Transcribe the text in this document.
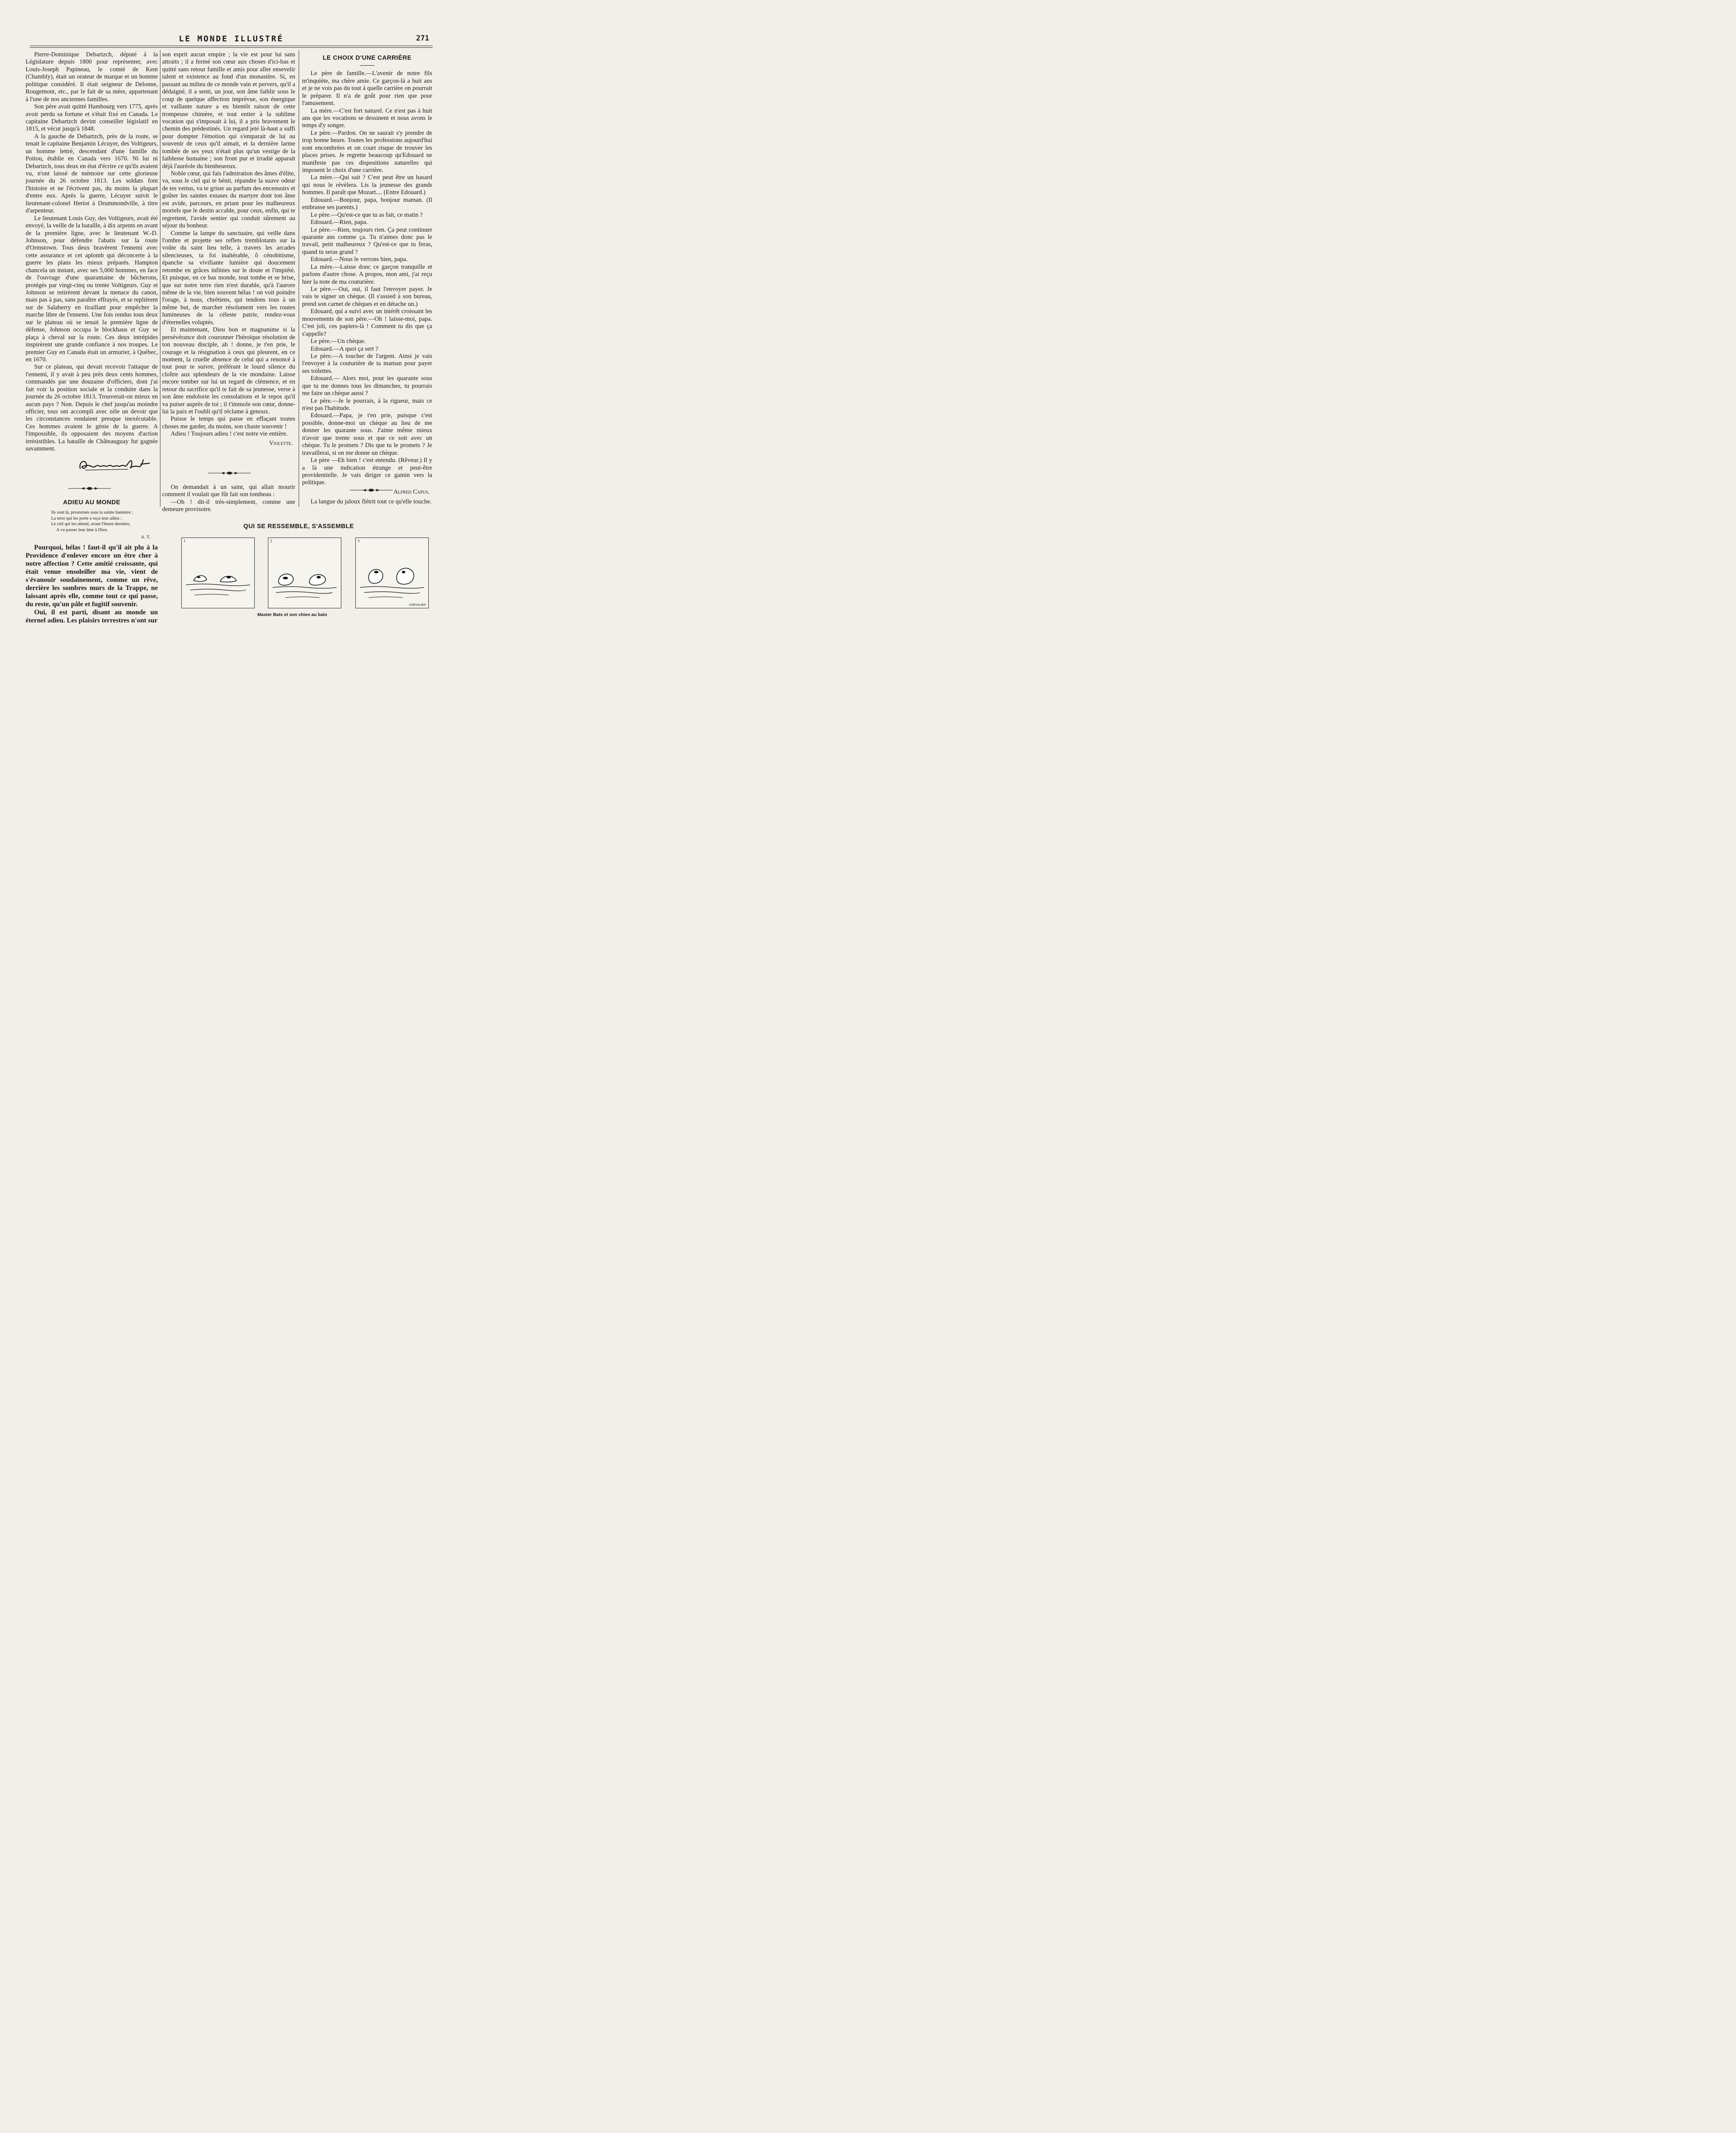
LE MONDE ILLUSTRÉ	271

Pierre-Dominique Debartzch, député à la Législature depuis 1800 pour représenter, avec Louis-Joseph Papineau, le comté de Kent (Chambly), était un orateur de marque et un homme politique considéré. Il était seigneur de Delonne, Rougemont, etc., par le fait de sa mère, appartenant à l'une de nos anciennes familles.

Son père avait quitté Hambourg vers 1775, après avoir perdu sa fortune et s'était fixé en Canada. Le capitaine Debartzch devint conseiller législatif en 1815, et vécut jusqu'à 1848.

A la gauche de Debartzch, près de la route, se tenait le capitaine Benjamin Lécuyer, des Voltigeurs, un homme lettré, descendant d'une famille du Poitou, établie en Canada vers 1670. Ni lui ni Debartzch, tous deux en état d'écrire ce qu'ils avaient vu, n'ont laissé de mémoire sur cette glorieuse journée du 26 octobre 1813. Les soldats font l'histoire et ne l'écrivent pas, du moins la plupart d'entre eux. Après la guerre, Lécuyer suivit le lieutenant-colonel Heriot à Drummondville, à titre d'arpenteur.

Le lieutenant Louis Guy, des Voltigeurs, avait été envoyé, la veille de la bataille, à dix arpents en avant de la première ligne, avec le lieutenant W.-D. Johnson, pour défendre l'abatis sur la route d'Ormstown. Tous deux bravèrent l'ennemi avec cette assurance et cet aplomb qui déconcerte à la guerre les plans les mieux préparés. Hampton chancela un instant, avec ses 5,000 hommes, en face de l'ouvrage d'une quarantaine de bûcherons, protégés par vingt-cinq ou trente Voltigeurs. Guy et Johnson se retirèrent devant la menace du canon, mais pas à pas, sans paraître effrayés, et se replièrent sur de Salaberry en tiraillant pour empêcher la marche libre de l'ennemi. Une fois rendus tous deux sur le plateau où se tenait la première ligne de défense, Johnson occupa le blockhaus et Guy se plaça à cheval sur la route. Ces deux intrépides inspirèrent une grande confiance à nos troupes. Le premier Guy en Canada était un armurier, à Québec, en 1670.

Sur ce plateau, qui devait recevoir l'attaque de l'ennemi, il y avait à peu près deux cents hommes, commandés par une douzaine d'officiers, dont j'ai fait voir la position sociale et la conduite dans la journée du 26 octobre 1813. Trouverait-on mieux en aucun pays ? Non. Depuis le chef jusqu'au moindre officier, tous ont accompli avec zèle un devoir que les circonstances rendaient presque inexécutable. Ces hommes avaient le génie de la guerre. A l'impossible, ils opposaient des moyens d'action irrésistibles. La bataille de Châteauguay fut gagnée savamment.

ADIEU AU MONDE
Ils sont là, prosternés sous la sainte bannière ;
La terre qui les porte a reçu leur adieu ;
Le ciel qui les attend, avant l'heure dernière,
A vu passer leur âme à Dieu.
A. T.

Pourquoi, hélas ! faut-il qu'il ait plu à la Providence d'enlever encore un être cher à notre affection ? Cette amitié croissante, qui était venue ensoleiller ma vie, vient de s'évanouir soudainement, comme un rêve, derrière les sombres murs de la Trappe, ne laissant après elle, comme tout ce qui passe, du reste, qu'un pâle et fugitif souvenir.

Oui, il est parti, disant au monde un éternel adieu. Les plaisirs terrestres n'ont sur

son esprit aucun empire ; la vie est pour lui sans attraits ; il a fermé son cœur aux choses d'ici-bas et quitté sans retour famille et amis pour aller ensevelir talent et existence au fond d'un monastère. Si, en passant au milieu de ce monde vain et pervers, qu'il a dédaigné, il a senti, un jour, son âme faiblir sous le coup de quelque affection imprévue, son énergique et vaillante nature a eu bientôt raison de cette trompeuse chimère, et tout entier à la sublime vocation qui s'imposait à lui, il a pris bravement le chemin des prédestinés. Un regard jeté là-haut a suffi pour dompter l'émotion qui s'emparait de lui au souvenir de ceux qu'il aimait, et la dernière larme tombée de ses yeux n'était plus qu'un vestige de la faiblesse humaine ; son front pur et irradié apparait déjà l'auréole du bienheureux.

Noble cœur, qui fais l'admiration des âmes d'élite, va, sous le ciel qui te bénit, répandre la suave odeur de tes vertus, va te griser au parfum des encensoirs et goûter les saintes extases du martyre dont ton âme est avide, parcours, en priant pour les malheureux mortels que le destin accable, pour ceux, enfin, qui te regrettent, l'avide sentier qui conduit sûrement au séjour du bonheur.

Comme la lampe du sanctuaire, qui veille dans l'ombre et projette ses reflets tremblotants sur la voûte du saint lieu telle, à travers les arcades silencieuses, ta foi inaltérable, ô cénobitisme, épanche sa vivifiante lumière qui doucement retombe en grâces infinies sur le doute et l'impiété. Et puisque, en ce bas monde, tout tombe et se brise, que sur notre terre rien n'est durable, qu'à l'aurore même de la vie, bien souvent hélas ! on voit poindre l'orage, à nous, chrétiens, qui tendons tous à un même but, de marcher résolument vers les routes lumineuses de la céleste patrie, rendez-vous d'éternelles voluptés.

Et maintenant, Dieu bon et magnanime si la persévérance doit couronner l'héroïque résolution de ton nouveau disciple, ah ! donne, je t'en prie, le courage et la résignation à ceux qui pleurent, en ce moment, la cruelle absence de celui qui a renoncé à tout pour te suivre, préférant le lourd silence du cloître aux splendeurs de la vie mondaine. Laisse encore tomber sur lui un regard de clémence, et en retour du sacrifice qu'il te fait de sa jeunesse, verse à son âme endolorie les consolations et le repos qu'il va puiser auprès de toi ; il t'immole son cœur, donne-lui la paix et l'oubli qu'il réclame à genoux.

Puisse le temps qui passe en effaçant toutes choses me garder, du moins, son chaste souvenir !

Adieu ! Toujours adieu ! c'est notre vie entière.

Violette.

On demandait à un saint, qui allait mourir comment il voulait que fût fait son tombeau :

—Oh ! dit-il très-simplement, comme une demeure provisoire.

LE CHOIX D'UNE CARRIÈRE

Le père de famille.—L'avenir de notre fils m'inquiète, ma chère amie. Ce garçon-là a huit ans et je ne vois pas du tout à quelle carrière on pourrait le préparer. Il n'a de goût pour rien que pour l'amusement.

La mère.—C'est fort naturel. Ce n'est pas à huit ans que les vocations se dessinent et nous avons le temps d'y songer.

Le père.—Pardon. On ne saurait s'y prendre de trop bonne heure. Toutes les professions aujourd'hui sont encombrées et on court risque de trouver les places prises. Je regrette beaucoup qu'Edouard ne manifeste pas ces dispositions naturelles qui imposent le choix d'une carrière.

La mère.—Qui sait ? C'est peut être un hasard qui nous le révèlera. Lis la jeunesse des grands hommes. Il paraît que Mozart.... (Entre Edouard.)

Edouard.—Bonjour, papa, bonjour maman. (Il embrasse ses parents.)

Le père.—Qu'est-ce que tu as fait, ce matin ?

Edouard.—Rien, papa.

Le père.—Rien, toujours rien. Ça peut continuer quarante ans comme ça. Tu n'aimes donc pas le travail, petit malheureux ? Qu'est-ce que tu feras, quand tu seras grand ?

Edouard.—Nous le verrons bien, papa.

La mère.—Laisse donc ce garçon tranquille et parlons d'autre chose. A propos, mon ami, j'ai reçu hier la note de ma couturière.

Le père.—Oui, oui, il faut l'envoyer payer. Je vais te signer un chèque. (Il s'assied à son bureau, prend son carnet de chèques et en détache un.)

Edouard, qui a suivi avec un intérêt croissant les mouvements de son père.—Oh ! laisse-moi, papa. C'est joli, ces papiers-là ! Comment tu dis que ça s'appelle?

Le père.—Un chèque.

Edouard.—A quoi ça sert ?

Le père.—A toucher de l'argent. Ainsi je vais l'envoyer à la couturière de ta maman pour payer ses toilettes.

Edouard.— Alors moi, pour les quarante sous que tu me donnes tous les dimanches, tu pourrais me faire un chèque aussi ?

Le père.—Je le pourrais, à la rigueur, mais ce n'est pas l'habitude.

Edouard.—Papa, je t'en prie, puisque c'est possible, donne-moi un chèque au lieu de me donner les quarante sous. J'aime même mieux n'avoir que trente sous et que ce soit avec un chèque. Tu le promets ? Dis que tu le promets ? Je travaillerai, si on me donne un chèque.

Le père —Eh bien ! c'est entendu. (Rêveur.) Il y a là une indication étrange et peut-être providentielle. Je vais diriger ce gamin vers la politique.

Alfred Capus.

La langue du jaloux flétrit tout ce qu'elle touche.

QUI SE RESSEMBLE, S'ASSEMBLE
1	2	3
CHEVALIER
Master Bats et son chien au bain
